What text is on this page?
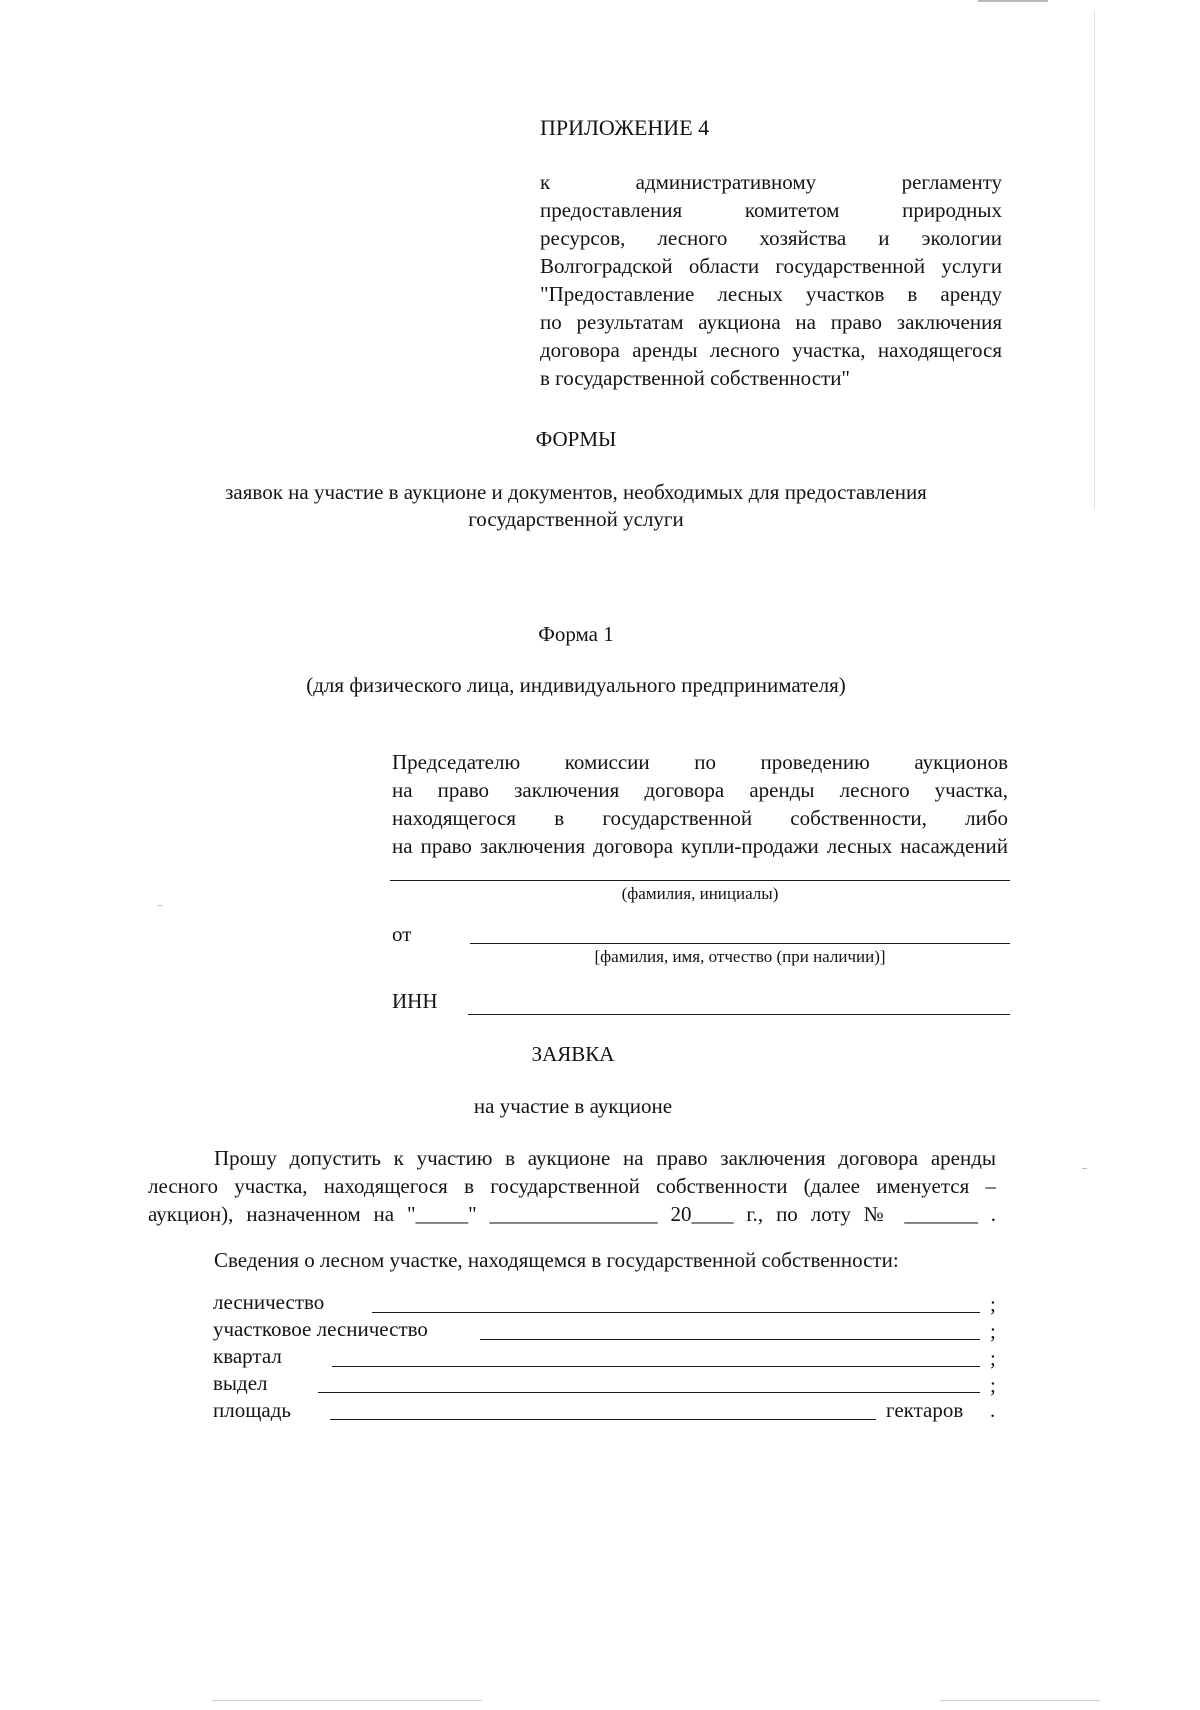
ПРИЛОЖЕНИЕ 4
к административному регламенту
предоставления комитетом природных
ресурсов, лесного хозяйства и экологии
Волгоградской области государственной услуги
"Предоставление лесных участков в аренду
по результатам аукциона на право заключения
договора аренды лесного участка, находящегося
в государственной собственности"
ФОРМЫ
заявок на участие в аукционе и документов, необходимых для предоставления
государственной услуги
Форма 1
(для физического лица, индивидуального предпринимателя)
Председателю комиссии по проведению аукционов
на право заключения договора аренды лесного участка,
находящегося в государственной собственности, либо
на право заключения договора купли-продажи лесных насаждений
(фамилия, инициалы)
от
[фамилия, имя, отчество (при наличии)]
ИНН
ЗАЯВКА
на участие в аукционе
Прошу допустить к участию в аукционе на право заключения договора аренды
лесного участка, находящегося в государственной собственности (далее именуется –
аукцион), назначенном на "_____" ________________ 20____ г., по лоту № _______ .
Сведения о лесном участке, находящемся в государственной собственности:
лесничество	;
участковое лесничество	;
квартал	;
выдел	;
площадь	гектаров .
